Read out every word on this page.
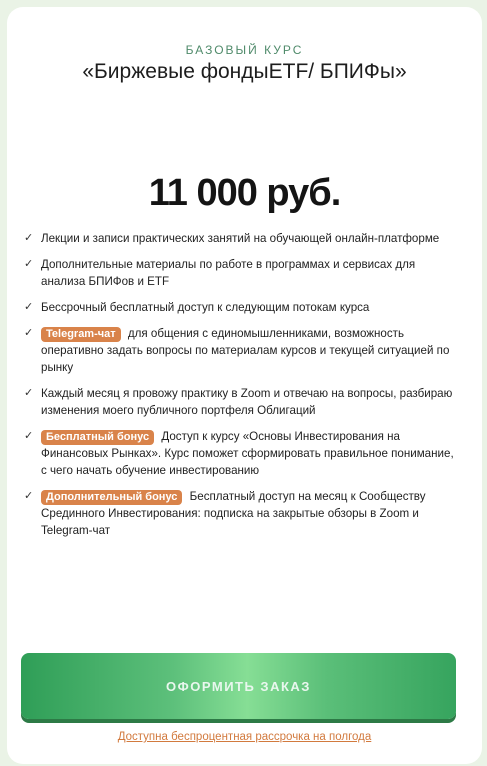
БАЗОВЫЙ КУРС
«Биржевые фондыETF/ БПИФы»
11 000 руб.
✓ Лекции и записи практических занятий на обучающей онлайн-платформе
✓ Дополнительные материалы по работе в программах и сервисах для анализа БПИФов и ETF
✓ Бессрочный бесплатный доступ к следующим потокам курса
✓ Telegram-чат для общения с единомышленниками, возможность оперативно задать вопросы по материалам курсов и текущей ситуацией по рынку
✓ Каждый месяц я провожу практику в Zoom и отвечаю на вопросы, разбираю изменения моего публичного портфеля Облигаций
✓ Бесплатный бонус Доступ к курсу «Основы Инвестирования на Финансовых Рынках». Курс поможет сформировать правильное понимание, с чего начать обучение инвестированию
✓ Дополнительный бонус Бесплатный доступ на месяц к Сообществу Срединного Инвестирования: подписка на закрытые обзоры в Zoom и Telegram-чат
ОФОРМИТЬ ЗАКАЗ
Доступна беспроцентная рассрочка на полгода
